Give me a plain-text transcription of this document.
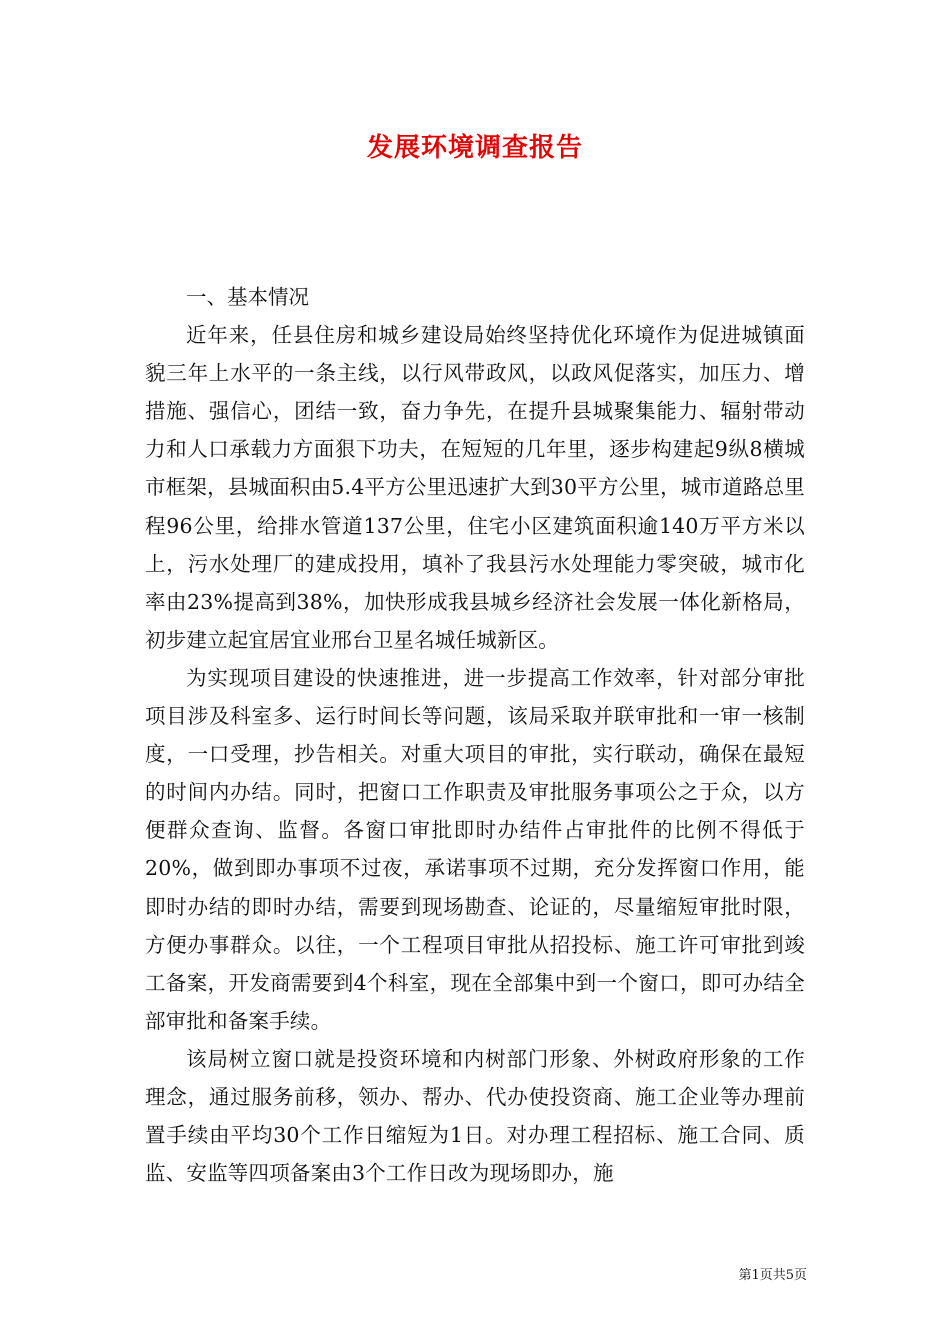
发展环境调查报告

一、基本情况

近年来，任县住房和城乡建设局始终坚持优化环境作为促进城镇面貌三年上水平的一条主线，以行风带政风，以政风促落实，加压力、增措施、强信心，团结一致，奋力争先，在提升县城聚集能力、辐射带动力和人口承载力方面狠下功夫，在短短的几年里，逐步构建起9纵8横城市框架，县城面积由5.4平方公里迅速扩大到30平方公里，城市道路总里程96公里，给排水管道137公里，住宅小区建筑面积逾140万平方米以上，污水处理厂的建成投用，填补了我县污水处理能力零突破，城市化率由23%提高到38%，加快形成我县城乡经济社会发展一体化新格局，初步建立起宜居宜业邢台卫星名城任城新区。

为实现项目建设的快速推进，进一步提高工作效率，针对部分审批项目涉及科室多、运行时间长等问题，该局采取并联审批和一审一核制度，一口受理，抄告相关。对重大项目的审批，实行联动，确保在最短的时间内办结。同时，把窗口工作职责及审批服务事项公之于众，以方便群众查询、监督。各窗口审批即时办结件占审批件的比例不得低于20%，做到即办事项不过夜，承诺事项不过期，充分发挥窗口作用，能即时办结的即时办结，需要到现场勘查、论证的，尽量缩短审批时限，方便办事群众。以往，一个工程项目审批从招投标、施工许可审批到竣工备案，开发商需要到4个科室，现在全部集中到一个窗口，即可办结全部审批和备案手续。

该局树立窗口就是投资环境和内树部门形象、外树政府形象的工作理念，通过服务前移，领办、帮办、代办使投资商、施工企业等办理前置手续由平均30个工作日缩短为1日。对办理工程招标、施工合同、质监、安监等四项备案由3个工作日改为现场即办，施

第1页共5页
